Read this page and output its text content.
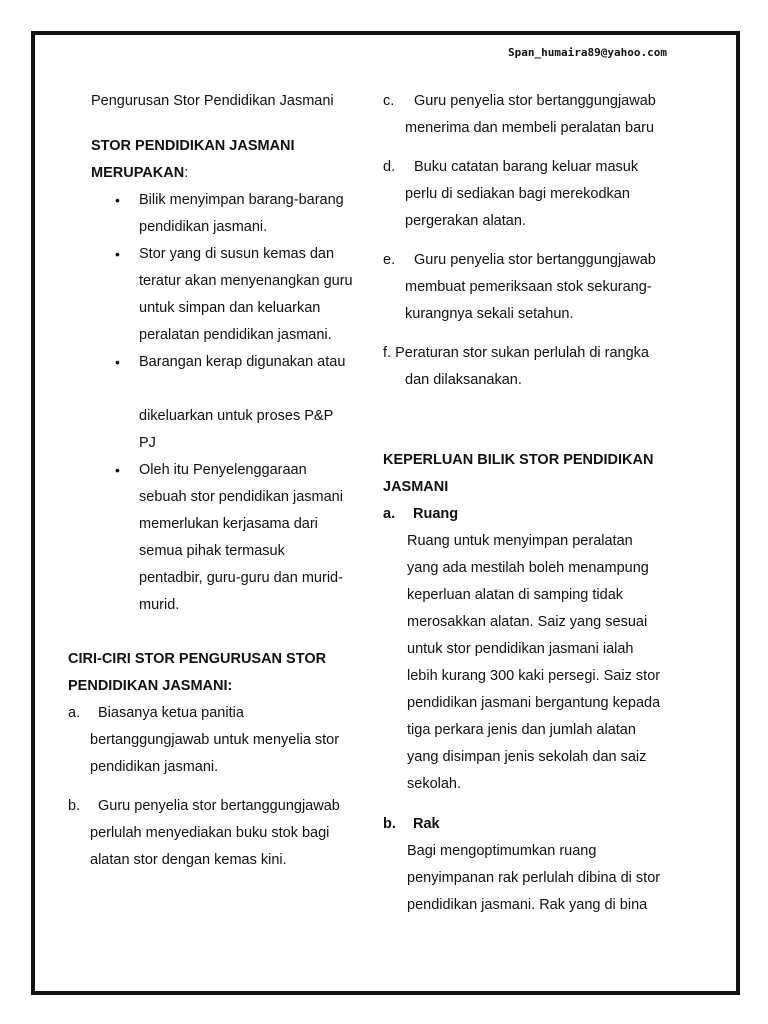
Span_humaira89@yahoo.com
Pengurusan Stor Pendidikan Jasmani
STOR PENDIDIKAN JASMANI
MERUPAKAN:
• Bilik menyimpan barang-barang
pendidikan jasmani.
• Stor yang di susun kemas dan
teratur akan menyenangkan guru
untuk simpan dan keluarkan
peralatan pendidikan jasmani.
• Barangan kerap digunakan atau
dikeluarkan untuk proses P&P
PJ
• Oleh itu Penyelenggaraan
sebuah stor pendidikan jasmani
memerlukan kerjasama dari
semua pihak termasuk
pentadbir, guru-guru dan murid-
murid.
CIRI-CIRI STOR PENGURUSAN STOR
PENDIDIKAN JASMANI:
a.	Biasanya ketua panitia
bertanggungjawab untuk menyelia stor
pendidikan jasmani.
b.	Guru penyelia stor bertanggungjawab
perlulah menyediakan buku stok bagi
alatan stor dengan kemas kini.
c.	Guru penyelia stor bertanggungjawab
menerima dan membeli peralatan baru
d.	Buku catatan barang keluar masuk
perlu di sediakan bagi merekodkan
pergerakan alatan.
e.	Guru penyelia stor bertanggungjawab
membuat pemeriksaan stok sekurang-
kurangnya sekali setahun.
f. Peraturan stor sukan perlulah di rangka
dan dilaksanakan.
KEPERLUAN BILIK STOR PENDIDIKAN
JASMANI
a. Ruang
Ruang untuk menyimpan peralatan
yang ada mestilah boleh menampung
keperluan alatan di samping tidak
merosakkan alatan. Saiz yang sesuai
untuk stor pendidikan jasmani ialah
lebih kurang 300 kaki persegi. Saiz stor
pendidikan jasmani bergantung kepada
tiga perkara jenis dan jumlah alatan
yang disimpan jenis sekolah dan saiz
sekolah.
b. Rak
Bagi mengoptimumkan ruang
penyimpanan rak perlulah dibina di stor
pendidikan jasmani. Rak yang di bina
